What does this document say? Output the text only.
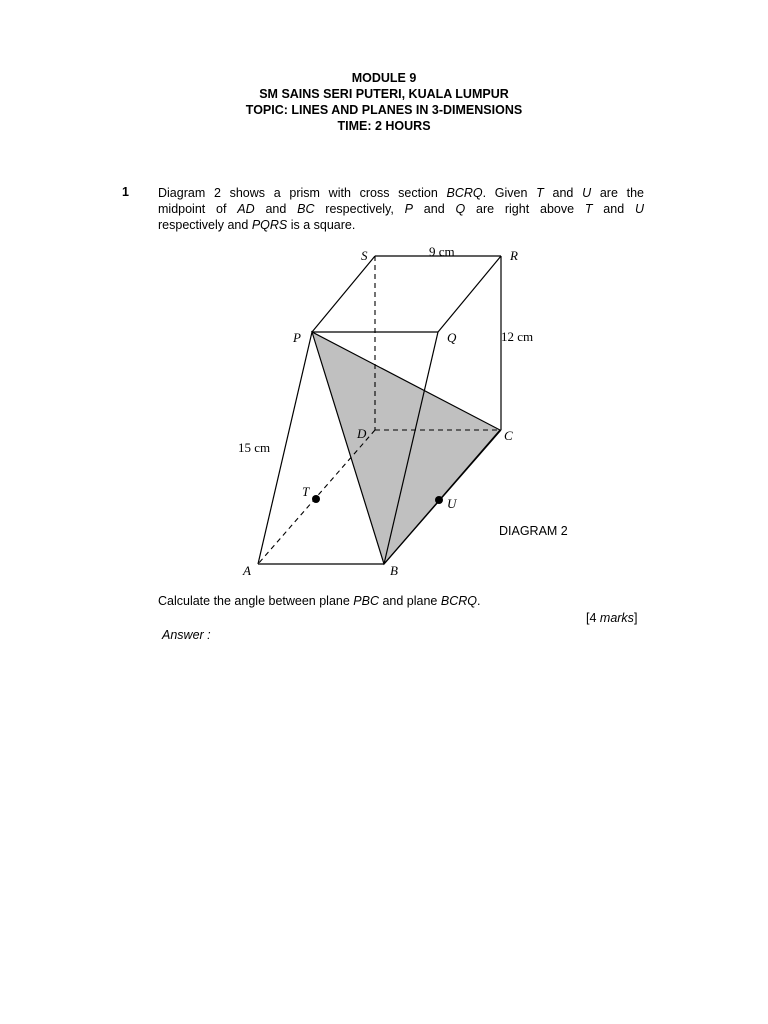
MODULE 9
SM SAINS SERI PUTERI, KUALA LUMPUR
TOPIC: LINES AND PLANES IN 3-DIMENSIONS
TIME: 2 HOURS
1 Diagram 2 shows a prism with cross section BCRQ. Given T and U are the
midpoint of AD and BC respectively, P and Q are right above T and U
respectively and PQRS is a square.
S	R
P	Q
D	C
T
U
A	B
9 cm
12 cm
15 cm
DIAGRAM 2
Calculate the angle between plane PBC and plane BCRQ.
[4 marks]
Answer :
